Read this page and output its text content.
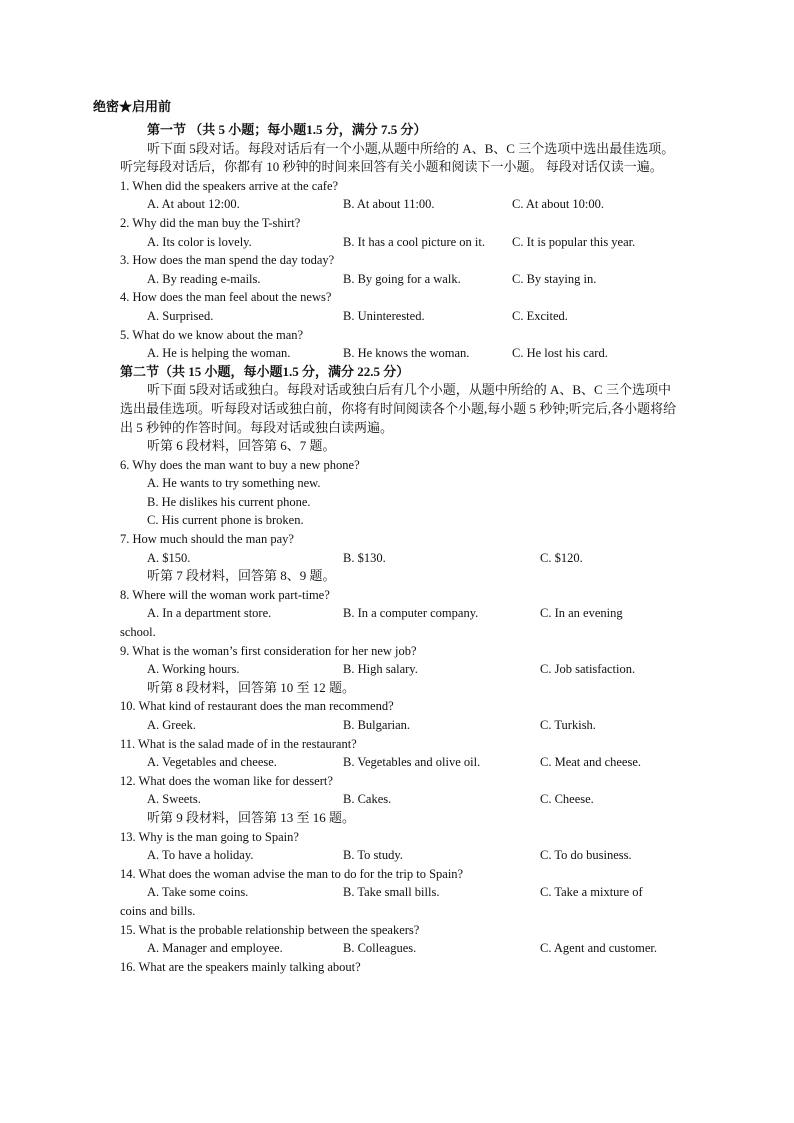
绝密★启用前
第一节 （共 5 小题；每小题1.5 分，满分 7.5 分）
听下面 5段对话。每段对话后有一个小题,从题中所给的 A、B、C 三个选项中选出最佳选项。听完每段对话后，你都有 10 秒钟的时间来回答有关小题和阅读下一小题。 每段对话仅读一遍。
1. When did the speakers arrive at the cafe?
A. At about 12:00.	B. At about 11:00.	C. At about 10:00.
2. Why did the man buy the T-shirt?
A. Its color is lovely.	B. It has a cool picture on it. C. It is popular this year.
3. How does the man spend the day today?
A. By reading e-mails.	B. By going for a walk.	C. By staying in.
4. How does the man feel about the news?
A. Surprised.	B. Uninterested.	C. Excited.
5. What do we know about the man?
A. He is helping the woman.	B. He knows the woman.	C. He lost his card.
第二节（共 15 小题，每小题1.5 分，满分 22.5 分）
听下面 5段对话或独白。每段对话或独白后有几个小题，从题中所给的 A、B、C 三个选项中选出最佳选项。听每段对话或独白前，你将有时间阅读各个小题,每小题 5 秒钟;听完后,各小题将给出 5 秒钟的作答时间。每段对话或独白读两遍。
听第 6 段材料，回答第 6、7 题。
6. Why does the man want to buy a new phone?
A. He wants to try something new.
B. He dislikes his current phone.
C. His current phone is broken.
7. How much should the man pay?
A. $150.	B. $130.	C. $120.
听第 7 段材料，回答第 8、9 题。
8. Where will the woman work part-time?
A. In a department store.	B. In a computer company.	C. In an evening
school.
9. What is the woman’s first consideration for her new job?
A. Working hours.	B. High salary.	C. Job satisfaction.
听第 8 段材料，回答第 10 至 12 题。
10. What kind of restaurant does the man recommend?
A. Greek.	B. Bulgarian.	C. Turkish.
11. What is the salad made of in the restaurant?
A. Vegetables and cheese.	B. Vegetables and olive oil.	C. Meat and cheese.
12. What does the woman like for dessert?
A. Sweets.	B. Cakes.	C. Cheese.
听第 9 段材料，回答第 13 至 16 题。
13. Why is the man going to Spain?
A. To have a holiday.	B. To study.	C. To do business.
14. What does the woman advise the man to do for the trip to Spain?
A. Take some coins.	B. Take small bills.	C. Take a mixture of
coins and bills.
15. What is the probable relationship between the speakers?
A. Manager and employee.	B. Colleagues.	C. Agent and customer.
16. What are the speakers mainly talking about?
